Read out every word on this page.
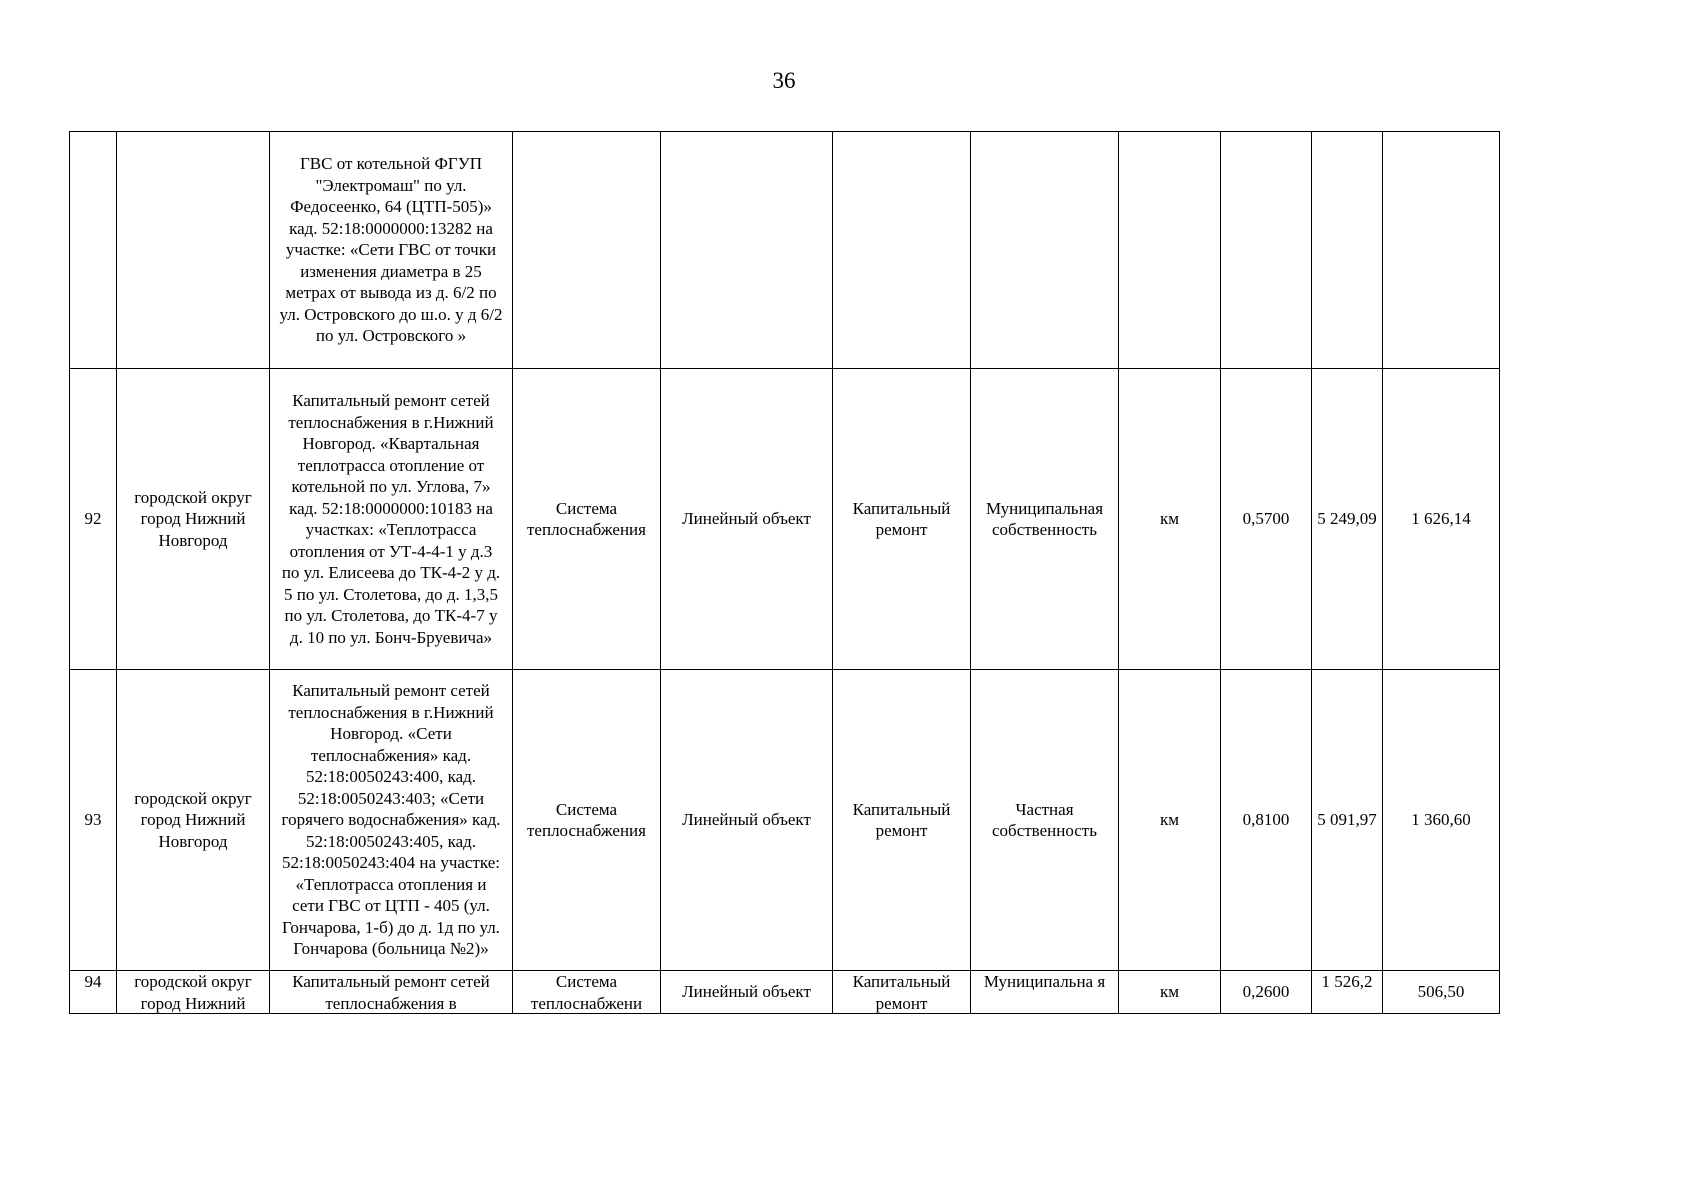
36
		ГВС от котельной ФГУП "Электромаш" по ул. Федосеенко, 64 (ЦТП-505)» кад. 52:18:0000000:13282 на участке: «Сети ГВС от точки изменения диаметра в 25 метрах от вывода из д. 6/2 по ул. Островского до ш.о. у д 6/2 по ул. Островского »								
92	городской округ город Нижний Новгород	Капитальный ремонт сетей теплоснабжения в г.Нижний Новгород. «Квартальная теплотрасса отопление от котельной по ул. Углова, 7» кад. 52:18:0000000:10183 на участках: «Теплотрасса отопления от УТ-4-4-1 у д.3 по ул. Елисеева до ТК-4-2 у д. 5 по ул. Столетова, до д. 1,3,5 по ул. Столетова, до ТК-4-7 у д. 10 по ул. Бонч-Бруевича»	Система теплоснабжения	Линейный объект	Капитальный ремонт	Муниципальная собственность	км	0,5700	5 249,09	1 626,14
93	городской округ город Нижний Новгород	Капитальный ремонт сетей теплоснабжения в г.Нижний Новгород. «Сети теплоснабжения» кад. 52:18:0050243:400, кад. 52:18:0050243:403; «Сети горячего водоснабжения» кад. 52:18:0050243:405, кад. 52:18:0050243:404 на участке: «Теплотрасса отопления и сети ГВС от ЦТП - 405 (ул. Гончарова, 1-б) до д. 1д по ул. Гончарова (больница №2)»	Система теплоснабжения	Линейный объект	Капитальный ремонт	Частная собственность	км	0,8100	5 091,97	1 360,60

94	городской округ город Нижний	Капитальный ремонт сетей теплоснабжения в	Система теплоснабжени	Линейный объект	Капитальный ремонт	Муниципальна я	км	0,2600	1 526,2	506,50
